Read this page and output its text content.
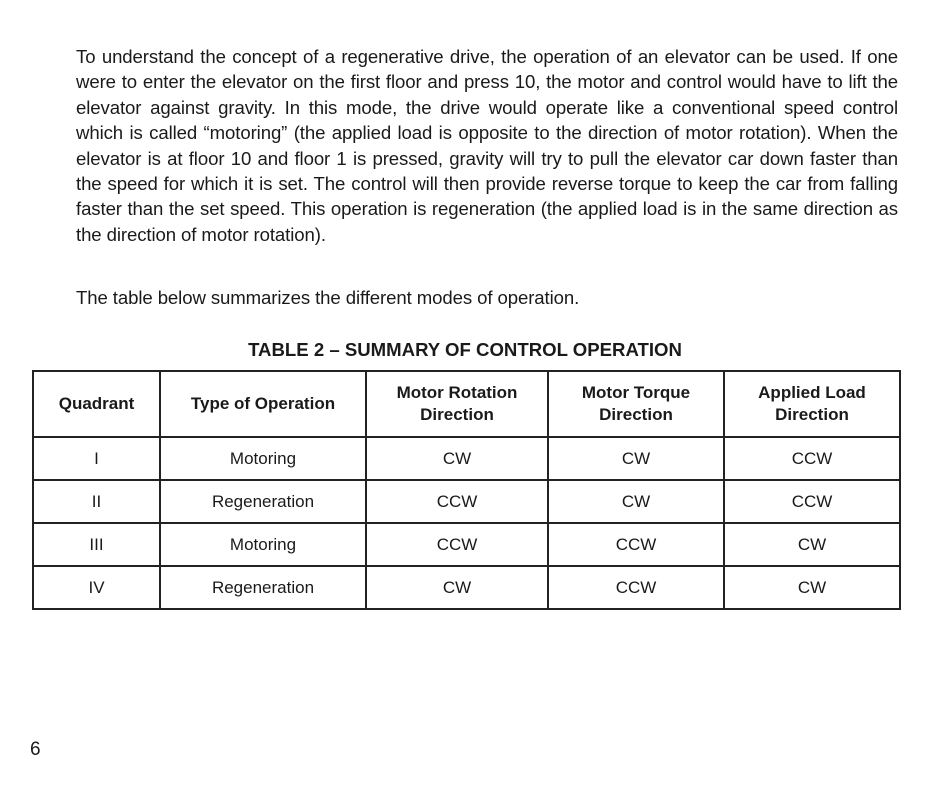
To understand the concept of a regenerative drive, the operation of an elevator can be used. If one were to enter the elevator on the first floor and press 10, the motor and control would have to lift the elevator against gravity. In this mode, the drive would operate like a conventional speed control which is called “motoring” (the applied load is opposite to the direction of motor rotation). When the elevator is at floor 10 and floor 1 is pressed, gravity will try to pull the elevator car down faster than the speed for which it is set. The control will then provide reverse torque to keep the car from falling faster than the set speed. This operation is regeneration (the applied load is in the same direction as the direction of motor rotation).

The table below summarizes the different modes of operation.

TABLE 2 – SUMMARY OF CONTROL OPERATION
Quadrant	Type of Operation	Motor Rotation Direction	Motor Torque Direction	Applied Load Direction
I	Motoring	CW	CW	CCW
II	Regeneration	CCW	CW	CCW
III	Motoring	CCW	CCW	CW
IV	Regeneration	CW	CCW	CW

6
